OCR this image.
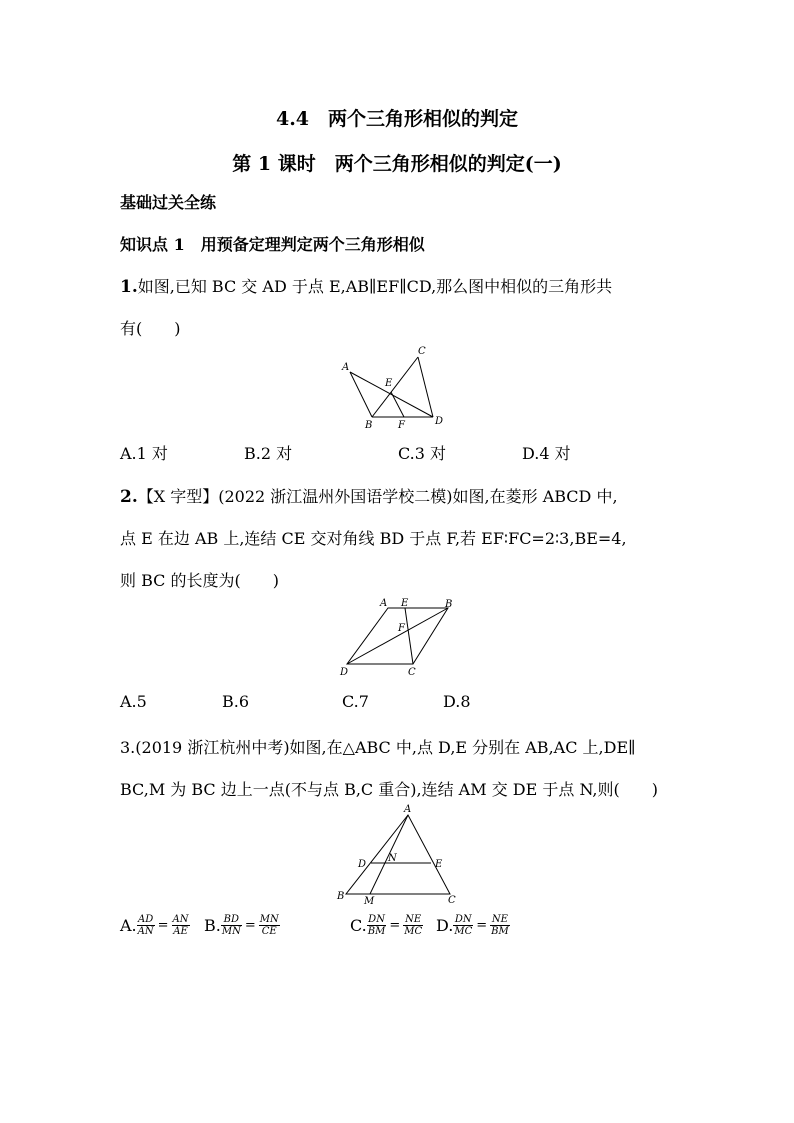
4.4　两个三角形相似的判定
第 1 课时　两个三角形相似的判定(一)
基础过关全练
知识点 1　用预备定理判定两个三角形相似
1.如图,已知 BC 交 AD 于点 E,AB∥EF∥CD,那么图中相似的三角形共
有(　　)
A
B
C
D
E
F
A.1 对	B.2 对	C.3 对	D.4 对
2.【X 字型】(2022 浙江温州外国语学校二模)如图,在菱形 ABCD 中,
点 E 在边 AB 上,连结 CE 交对角线 BD 于点 F,若 EF∶FC=2∶3,BE=4,
则 BC 的长度为(　　)
A E	B
F
D	C
A.5	B.6	C.7	D.8
3.(2019 浙江杭州中考)如图,在△ABC 中,点 D,E 分别在 AB,AC 上,DE∥
BC,M 为 BC 边上一点(不与点 B,C 重合),连结 AM 交 DE 于点 N,则(　　)
A
D
N
E
B M	C
A. $\frac{AD}{AN} = \frac{AN}{AE} B$. $\frac{BD}{MN} = \frac{MN}{CE}$	C. $\frac{DN}{BM} = \frac{NE}{MC} D$. $\frac{DN}{MC} = \frac{NE}{BM}$
